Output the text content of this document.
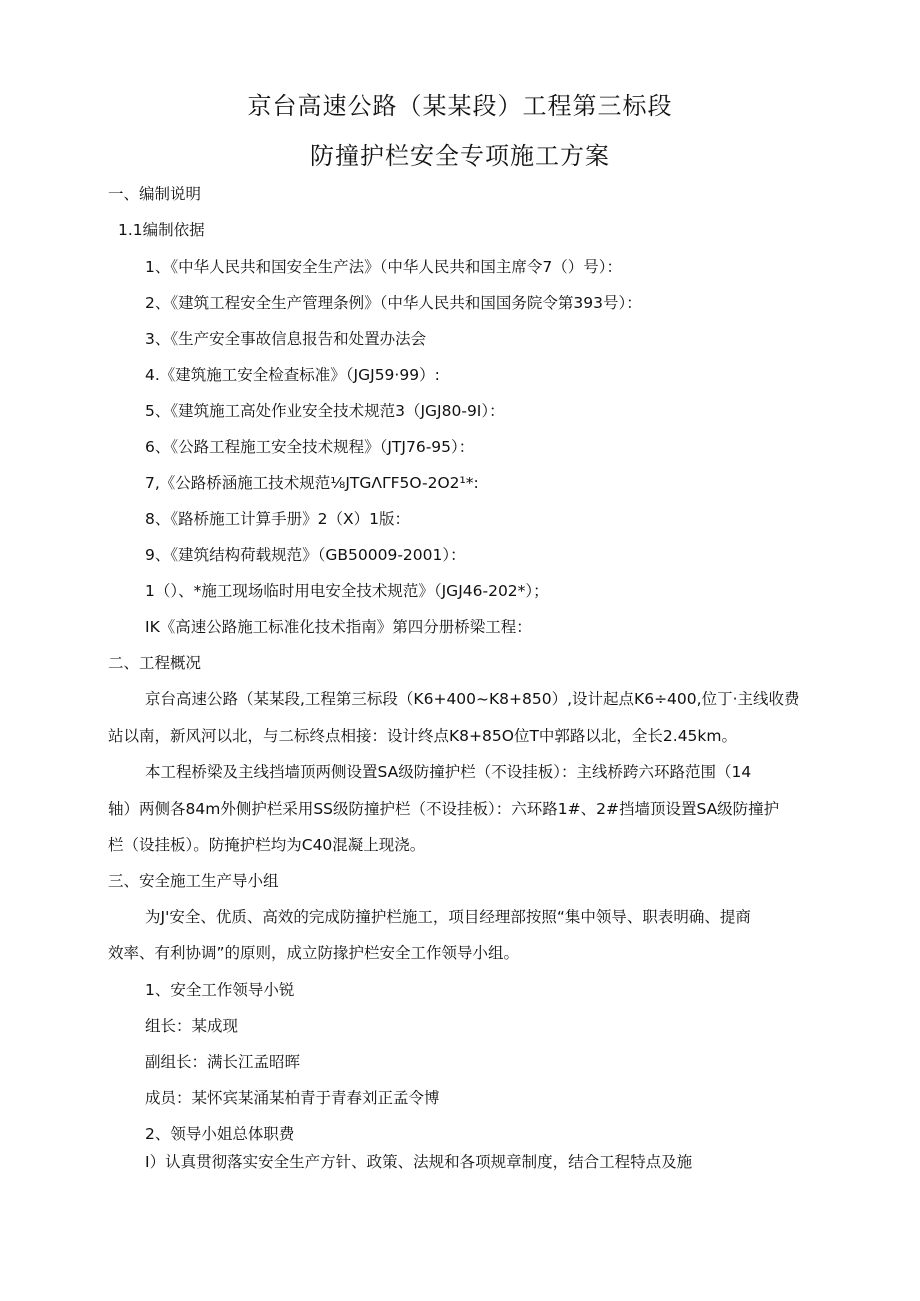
京台高速公路（某某段）工程第三标段
防撞护栏安全专项施工方案
一、编制说明
1.1编制依据
1、《中华人民共和国安全生产法》（中华人民共和国主席令7（）号）：
2、《建筑工程安全生产管理条例》（中华人民共和国国务院令第393号）：
3、《生产安全事故信息报告和处置办法会
4.《建筑施工安全检查标准》（JGJ59·99）:
5、《建筑施工高处作业安全技术规范3（JGJ80-9I）：
6、《公路工程施工安全技术规程》（JTJ76-95）：
7,《公路桥涵施工技术规范⅛JTGΛΓF5O-2O2¹*:
8、《路桥施工计算手册》2（X）1版：
9、《建筑结构荷载规范》（GB50009-2001）：
1（）、*施工现场临时用电安全技术规范》（JGJ46-202*）；
IK《高速公路施工标准化技术指南》第四分册桥梁工程：
二、工程概况
京台高速公路（某某段,工程第三标段（K6+400~K8+850）,设计起点K6÷400,位丁·主线收费
站以南，新风河以北，与二标终点相接：设计终点K8+85O位T中郭路以北，全长2.45km。
本工程桥梁及主线挡墙顶两侧设置SA级防撞护栏（不设挂板）：主线桥跨六环路范围（14
轴）两侧各84m外侧护栏采用SS级防撞护栏（不设挂板）：六环路1#、2#挡墙顶设置SA级防撞护
栏（设挂板）。防掩护栏均为C40混凝上现浇。
三、安全施工生产导小组
为J'安全、优质、高效的完成防撞护栏施工，项目经理部按照“集中领导、职表明确、提商
效率、有利协调”的原则，成立防掾护栏安全工作领导小组。
1、安全工作领导小锐
组长：某成现
副组长：满长江孟昭晖
成员：某怀宾某涌某柏青于青春刘正孟令博
2、领导小姐总体职费
I）认真贯彻落实安全生产方针、政策、法规和各项规章制度，结合工程特点及施
